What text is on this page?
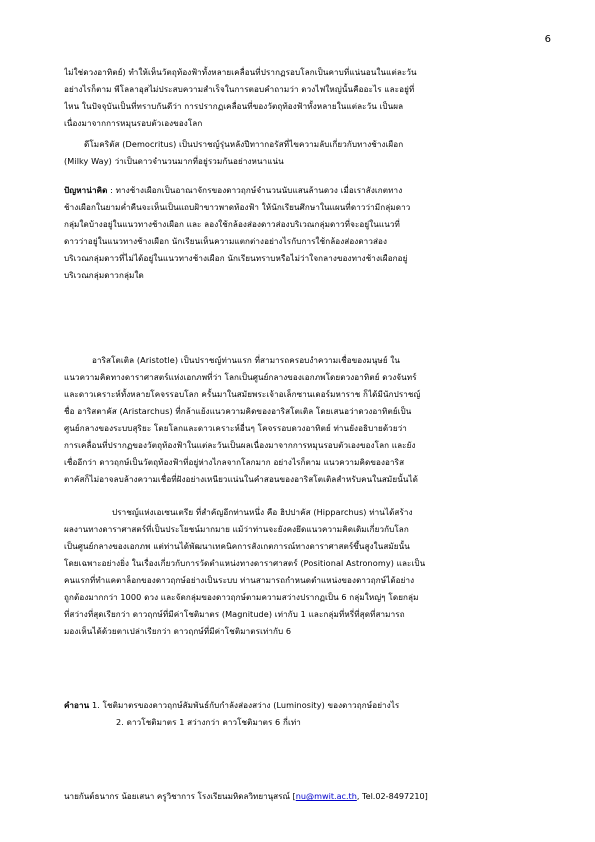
6
ไม่ใช่ดวงอาทิตย์) ทำให้เห็นวัตถุท้องฟ้าทั้งหลายเคลื่อนที่ปรากฏรอบโลกเป็นคาบที่แน่นอนในแต่ละวัน
อย่างไรก็ตาม พีโลลาอุสไม่ประสบความสำเร็จในการตอบคำถามว่า ดวงไฟใหญ่นั้นคืออะไร และอยู่ที่
ไหน ในปัจจุบันเป็นที่ทราบกันดีว่า การปรากฏเคลื่อนที่ของวัตถุท้องฟ้าทั้งหลายในแต่ละวัน เป็นผล
เนื่องมาจากการหมุนรอบตัวเองของโลก
ดีโมคริตัส (Democritus) เป็นปราชญ์รุ่นหลังปีทาากอรัสที่ไขความลับเกี่ยวกับทางช้างเผือก
(Milky Way) ว่าเป็นดาวจำนวนมากที่อยู่รวมกันอย่างหนาแน่น
ปัญหาน่าคิด : ทางช้างเผือกเป็นอาณาจักรของดาวฤกษ์จำนวนนับแสนล้านดวง เมื่อเราสังเกตทาง
ช้างเผือกในยามค่ำคืนจะเห็นเป็นแถบฝ้าขาวพาดท้องฟ้า ให้นักเรียนศึกษาในแผนที่ดาวว่ามีกลุ่มดาว
กลุ่มใดบ้างอยู่ในแนวทางช้างเผือก และ ลองใช้กล้องส่องดาวส่องบริเวณกลุ่มดาวที่จะอยู่ในแนวที่
ดาวว่าอยู่ในแนวทางช้างเผือก นักเรียนเห็นความแตกต่างอย่างไรกับการใช้กล้องส่องดาวส่อง
บริเวณกลุ่มดาวที่ไม่ได้อยู่ในแนวทางช้างเผือก นักเรียนทราบหรือไม่ว่าใจกลางของทางช้างเผือกอยู่
บริเวณกลุ่มดาวกลุ่มใด
อาริสโตเติล (Aristotle) เป็นปราชญ์ท่านแรก ที่สามารถครอบงำความเชื่อของมนุษย์ ใน
แนวความคิดทางดาราศาสตร์แห่งเอกภพที่ว่า โลกเป็นศูนย์กลางของเอกภพโดยดวงอาทิตย์ ดวงจันทร์
และดาวเคราะห์ทั้งหลายโคจรรอบโลก ครั้นมาในสมัยพระเจ้าอเล็กซานเดอร์มหาราช ก็ได้มีนักปราชญ์
ชื่อ อาริสตาคัส (Aristarchus) ที่กล้าแย้งแนวความคิดของอาริสโตเติล โดยเสนอว่าดวงอาทิตย์เป็น
ศูนย์กลางของระบบสุริยะ โดยโลกและดาวเคราะห์อื่นๆ โคจรรอบดวงอาทิตย์ ท่านยังอธิบายด้วยว่า
การเคลื่อนที่ปรากฏของวัตถุท้องฟ้าในแต่ละวันเป็นผลเนื่องมาจากการหมุนรอบตัวเองของโลก และยัง
เชื่ออีกว่า ดาวฤกษ์เป็นวัตถุท้องฟ้าที่อยู่ห่างไกลจากโลกมาก อย่างไรก็ตาม แนวความคิดของอาริส
ตาคัสก็ไม่อาจลบล้างความเชื่อที่ฝังอย่างเหนียวแน่นในคำสอนของอาริสโตเติลสำหรับคนในสมัยนั้นได้
ปราชญ์แห่งเอเซนเตรีย ที่สำคัญอีกท่านหนึ่ง คือ ฮิปปาคัส (Hipparchus) ท่านได้สร้าง
ผลงานทางดาราศาสตร์ที่เป็นประโยชน์มากมาย แม้ว่าท่านจะยังคงยึดแนวความคิดเดิมเกี่ยวกับโลก
เป็นศูนย์กลางของเอกภพ แต่ท่านได้พัฒนาเทคนิคการสังเกตการณ์ทางดาราศาสตร์ขึ้นสูงในสมัยนั้น
โดยเฉพาะอย่างยิ่ง ในเรื่องเกี่ยวกับการวัดตำแหน่งทางดาราศาสตร์ (Positional Astronomy) และเป็น
คนแรกที่ทำแคตาล็อกของดาวฤกษ์อย่างเป็นระบบ ท่านสามารถกำหนดตำแหน่งของดาวฤกษ์ได้อย่าง
ถูกต้องมากกว่า 1000 ดวง และจัดกลุ่มของดาวฤกษ์ตามความสว่างปรากฏเป็น 6 กลุ่มใหญ่ๆ โดยกลุ่ม
ที่สว่างที่สุดเรียกว่า ดาวฤกษ์ที่มีค่าโชติมาตร (Magnitude) เท่ากับ 1 และกลุ่มที่หรี่ที่สุดที่สามารถ
มองเห็นได้ด้วยตาเปล่าเรียกว่า ดาวฤกษ์ที่มีค่าโชติมาตรเท่ากับ 6
คำอาน 1. โชติมาตรของดาวฤกษ์สัมพันธ์กับกำลังส่องสว่าง (Luminosity) ของดาวฤกษ์อย่างไร
2. ดาวโชติมาตร 1 สว่างกว่า ดาวโชติมาตร 6 กี่เท่า
นายกันต์ธนากร น้อยเสนา ครูวิชาการ โรงเรียนมหิดลวิทยานุสรณ์ [nu@mwit.ac.th, Tel.02-8497210]
